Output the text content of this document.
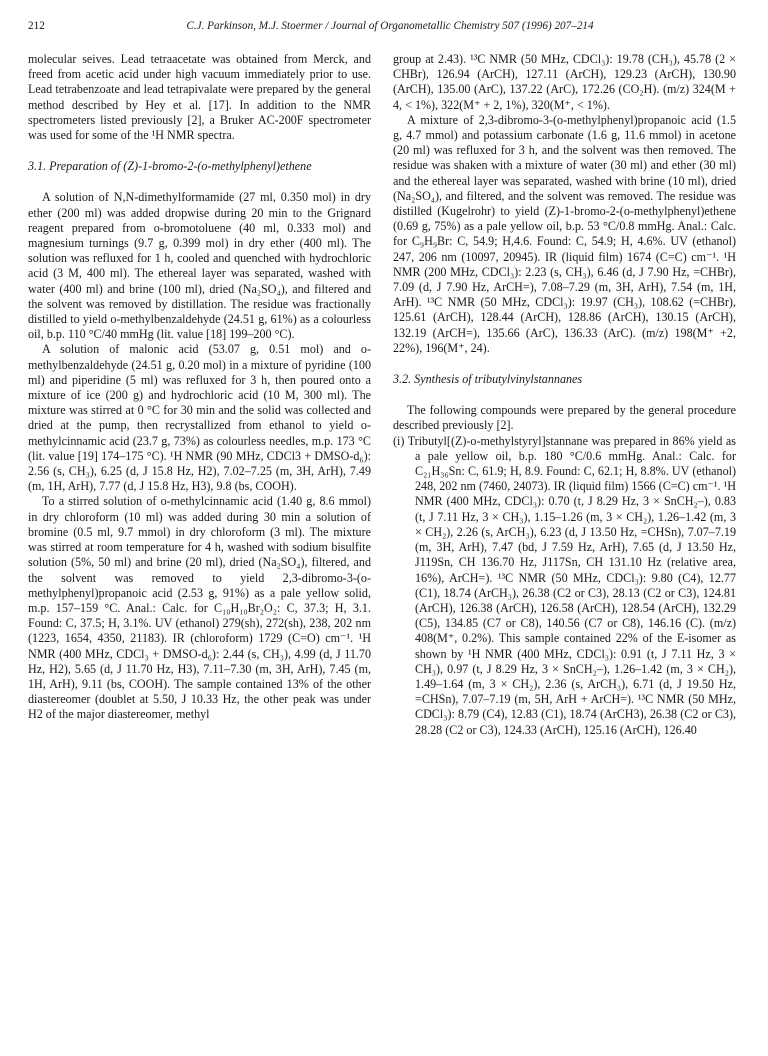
212	C.J. Parkinson, M.J. Stoermer / Journal of Organometallic Chemistry 507 (1996) 207–214

molecular seives. Lead tetraacetate was obtained from Merck, and freed from acetic acid under high vacuum immediately prior to use. Lead tetrabenzoate and lead tetrapivalate were prepared by the general method described by Hey et al. [17]. In addition to the NMR spectrometers listed previously [2], a Bruker AC-200F spectrometer was used for some of the ¹H NMR spectra.

3.1. Preparation of (Z)-1-bromo-2-(o-methylphenyl)ethene

A solution of N,N-dimethylformamide (27 ml, 0.350 mol) in dry ether (200 ml) was added dropwise during 20 min to the Grignard reagent prepared from o-bromotoluene (40 ml, 0.333 mol) and magnesium turnings (9.7 g, 0.399 mol) in dry ether (400 ml). The solution was refluxed for 1 h, cooled and quenched with hydrochloric acid (3 M, 400 ml). The ethereal layer was separated, washed with water (400 ml) and brine (100 ml), dried (Na₂SO₄), and filtered and the solvent was removed by distillation. The residue was fractionally distilled to yield o-methylbenzaldehyde (24.51 g, 61%) as a colourless oil, b.p. 110 °C/40 mmHg (lit. value [18] 199–200 °C).

A solution of malonic acid (53.07 g, 0.51 mol) and o-methylbenzaldehyde (24.51 g, 0.20 mol) in a mixture of pyridine (100 ml) and piperidine (5 ml) was refluxed for 3 h, then poured onto a mixture of ice (200 g) and hydrochloric acid (10 M, 300 ml). The mixture was stirred at 0 °C for 30 min and the solid was collected and dried at the pump, then recrystallized from ethanol to yield o-methylcinnamic acid (23.7 g, 73%) as colourless needles, m.p. 173 °C (lit. value [19] 174–175 °C). ¹H NMR (90 MHz, CDCl3 + DMSO-d₆): 2.56 (s, CH₃), 6.25 (d, J 15.8 Hz, H2), 7.02–7.25 (m, 3H, ArH), 7.49 (m, 1H, ArH), 7.77 (d, J 15.8 Hz, H3), 9.8 (bs, COOH).

To a stirred solution of o-methylcinnamic acid (1.40 g, 8.6 mmol) in dry chloroform (10 ml) was added during 30 min a solution of bromine (0.5 ml, 9.7 mmol) in dry chloroform (3 ml). The mixture was stirred at room temperature for 4 h, washed with sodium bisulfite solution (5%, 50 ml) and brine (20 ml), dried (Na₂SO₄), filtered, and the solvent was removed to yield 2,3-dibromo-3-(o-methylphenyl)propanoic acid (2.53 g, 91%) as a pale yellow solid, m.p. 157–159 °C. Anal.: Calc. for C₁₀H₁₀Br₂O₂: C, 37.3; H, 3.1. Found: C, 37.5; H, 3.1%. UV (ethanol) 279(sh), 272(sh), 238, 202 nm (1223, 1654, 4350, 21183). IR (chloroform) 1729 (C=O) cm⁻¹. ¹H NMR (400 MHz, CDCl₃ + DMSO-d₆): 2.44 (s, CH₃), 4.99 (d, J 11.70 Hz, H2), 5.65 (d, J 11.70 Hz, H3), 7.11–7.30 (m, 3H, ArH), 7.45 (m, 1H, ArH), 9.11 (bs, COOH). The sample contained 13% of the other diastereomer (doublet at 5.50, J 10.33 Hz, the other peak was under H2 of the major diastereomer, methyl

group at 2.43). ¹³C NMR (50 MHz, CDCl₃): 19.78 (CH₃), 45.78 (2 × CHBr), 126.94 (ArCH), 127.11 (ArCH), 129.23 (ArCH), 130.90 (ArCH), 135.00 (ArC), 137.22 (ArC), 172.26 (CO₂H). (m/z) 324(M + 4, < 1%), 322(M⁺ + 2, 1%), 320(M⁺, < 1%).

A mixture of 2,3-dibromo-3-(o-methylphenyl)propanoic acid (1.5 g, 4.7 mmol) and potassium carbonate (1.6 g, 11.6 mmol) in acetone (20 ml) was refluxed for 3 h, and the solvent was then removed. The residue was shaken with a mixture of water (30 ml) and ether (30 ml) and the ethereal layer was separated, washed with brine (10 ml), dried (Na₂SO₄), and filtered, and the solvent was removed. The residue was distilled (Kugelrohr) to yield (Z)-1-bromo-2-(o-methylphenyl)ethene (0.69 g, 75%) as a pale yellow oil, b.p. 53 °C/0.8 mmHg. Anal.: Calc. for C₉H₉Br: C, 54.9; H,4.6. Found: C, 54.9; H, 4.6%. UV (ethanol) 247, 206 nm (10097, 20945). IR (liquid film) 1674 (C=C) cm⁻¹. ¹H NMR (200 MHz, CDCl₃): 2.23 (s, CH₃), 6.46 (d, J 7.90 Hz, =CHBr), 7.09 (d, J 7.90 Hz, ArCH=), 7.08–7.29 (m, 3H, ArH), 7.54 (m, 1H, ArH). ¹³C NMR (50 MHz, CDCl₃): 19.97 (CH₃), 108.62 (=CHBr), 125.61 (ArCH), 128.44 (ArCH), 128.86 (ArCH), 130.15 (ArCH), 132.19 (ArCH=), 135.66 (ArC), 136.33 (ArC). (m/z) 198(M⁺ +2, 22%), 196(M⁺, 24).

3.2. Synthesis of tributylvinylstannanes

The following compounds were prepared by the general procedure described previously [2].

(i) Tributyl[(Z)-o-methylstyryl]stannane was prepared in 86% yield as a pale yellow oil, b.p. 180 °C/0.6 mmHg. Anal.: Calc. for C₂₁H₃₆Sn: C, 61.9; H, 8.9. Found: C, 62.1; H, 8.8%. UV (ethanol) 248, 202 nm (7460, 24073). IR (liquid film) 1566 (C=C) cm⁻¹. ¹H NMR (400 MHz, CDCl₃): 0.70 (t, J 8.29 Hz, 3 × SnCH₂–), 0.83 (t, J 7.11 Hz, 3 × CH₃), 1.15–1.26 (m, 3 × CH₂), 1.26–1.42 (m, 3 × CH₂), 2.26 (s, ArCH₃), 6.23 (d, J 13.50 Hz, =CHSn), 7.07–7.19 (m, 3H, ArH), 7.47 (bd, J 7.59 Hz, ArH), 7.65 (d, J 13.50 Hz, J119Sn, CH 136.70 Hz, J117Sn, CH 131.10 Hz (relative area, 16%), ArCH=). ¹³C NMR (50 MHz, CDCl₃): 9.80 (C4), 12.77 (C1), 18.74 (ArCH₃), 26.38 (C2 or C3), 28.13 (C2 or C3), 124.81 (ArCH), 126.38 (ArCH), 126.58 (ArCH), 128.54 (ArCH), 132.29 (C5), 134.85 (C7 or C8), 140.56 (C7 or C8), 146.16 (C). (m/z) 408(M⁺, 0.2%). This sample contained 22% of the E-isomer as shown by ¹H NMR (400 MHz, CDCl₃): 0.91 (t, J 7.11 Hz, 3 × CH₃), 0.97 (t, J 8.29 Hz, 3 × SnCH₂–), 1.26–1.42 (m, 3 × CH₂), 1.49–1.64 (m, 3 × CH₂), 2.36 (s, ArCH₃), 6.71 (d, J 19.50 Hz, =CHSn), 7.07–7.19 (m, 5H, ArH + ArCH=). ¹³C NMR (50 MHz, CDCl₃): 8.79 (C4), 12.83 (C1), 18.74 (ArCH3), 26.38 (C2 or C3), 28.28 (C2 or C3), 124.33 (ArCH), 125.16 (ArCH), 126.40
